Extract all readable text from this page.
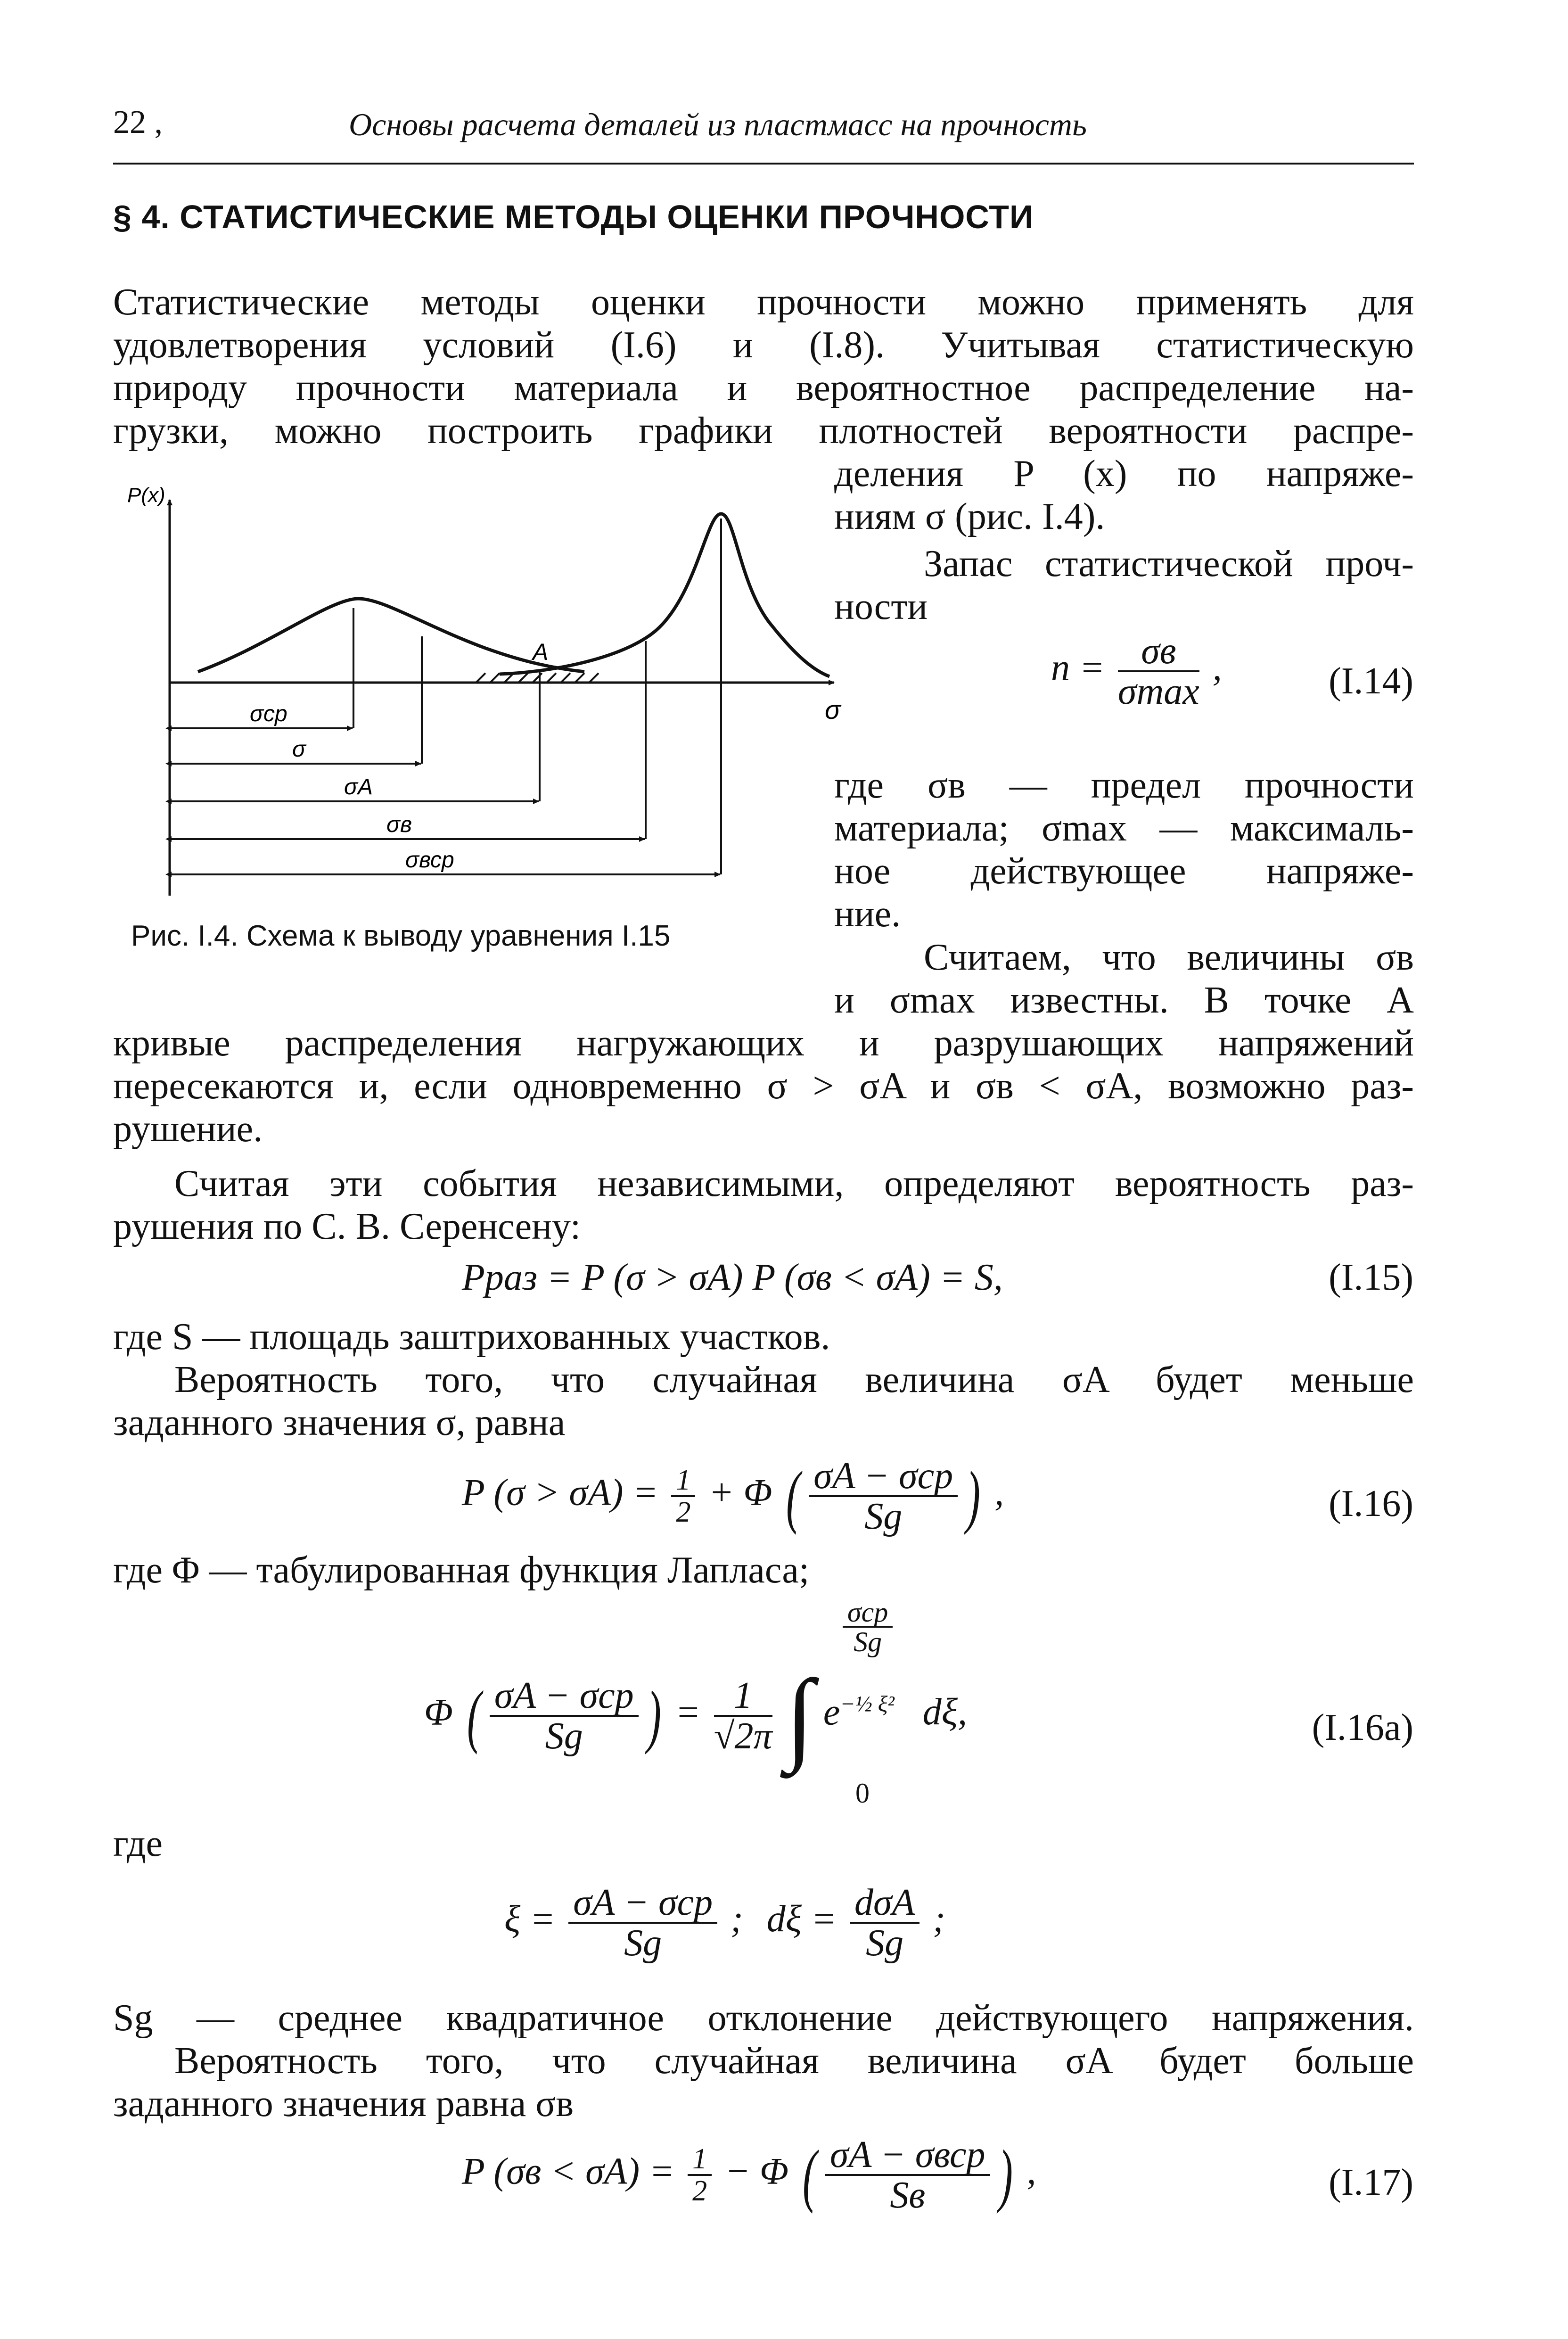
22 ,	Основы расчета деталей из пластмасс на прочность
§ 4. СТАТИСТИЧЕСКИЕ МЕТОДЫ ОЦЕНКИ ПРОЧНОСТИ
Статистические методы оценки прочности можно применять для
удовлетворения условий (I.6) и (I.8). Учитывая статистическую
природу прочности материала и вероятностное распределение на-
грузки, можно построить графики плотностей вероятности распре-
деления P (x) по напряже-
ниям σ (рис. I.4).
Запас статистической проч-
ности
$n = \frac{\sigma в}{\sigma\max}$ ,	(I.14)
где σв — предел прочности
материала; σmax — максималь-
ное действующее напряже-
ние.
P(x)
σ
A
σср
σ
σA
σв
σвср
Рис. I.4. Схема к выводу уравнения I.15
Считаем, что величины σв
и σmax известны. В точке A
кривые распределения нагружающих и разрушающих напряжений
пересекаются и, если одновременно σ > σA и σв < σA, возможно раз-
рушение.
Считая эти события независимыми, определяют вероятность раз-
рушения по С. В. Серенсену:
Pраз = P (σ > σA) P (σв < σA) = S,	(I.15)
где S — площадь заштрихованных участков.
Вероятность того, что случайная величина σA будет меньше
заданного значения σ, равна
P $(\sigma > \sigma A) = \frac{1}{2} + \Phi$ ( $\frac{\text{σA − σср}}{Sg}$ ) ,	(I.16)
где Φ — табулированная функция Лапласа;
Φ ( $\frac{\text{σA − σср}}{Sg}$ ) = $\frac{1}{√2\pi}$ ∫ $e^{-\frac{1}{2} \xi^2}$ dξ,
$\frac{\text{σср}}{Sg}$
0
(I.16а)
где
$\xi = \frac{\text{σA − σср}}{Sg}$ ; $d\xi = \frac{\text{dσA}}{Sg}$ ;
Sg — среднее квадратичное отклонение действующего напряжения.
Вероятность того, что случайная величина σA будет больше
заданного значения равна σв
P $(\sigma в < \sigma A) = \frac{1}{2} - \Phi$ ( $\frac{\text{σA − σвср}}{Sв}$ ) ,	(I.17)
